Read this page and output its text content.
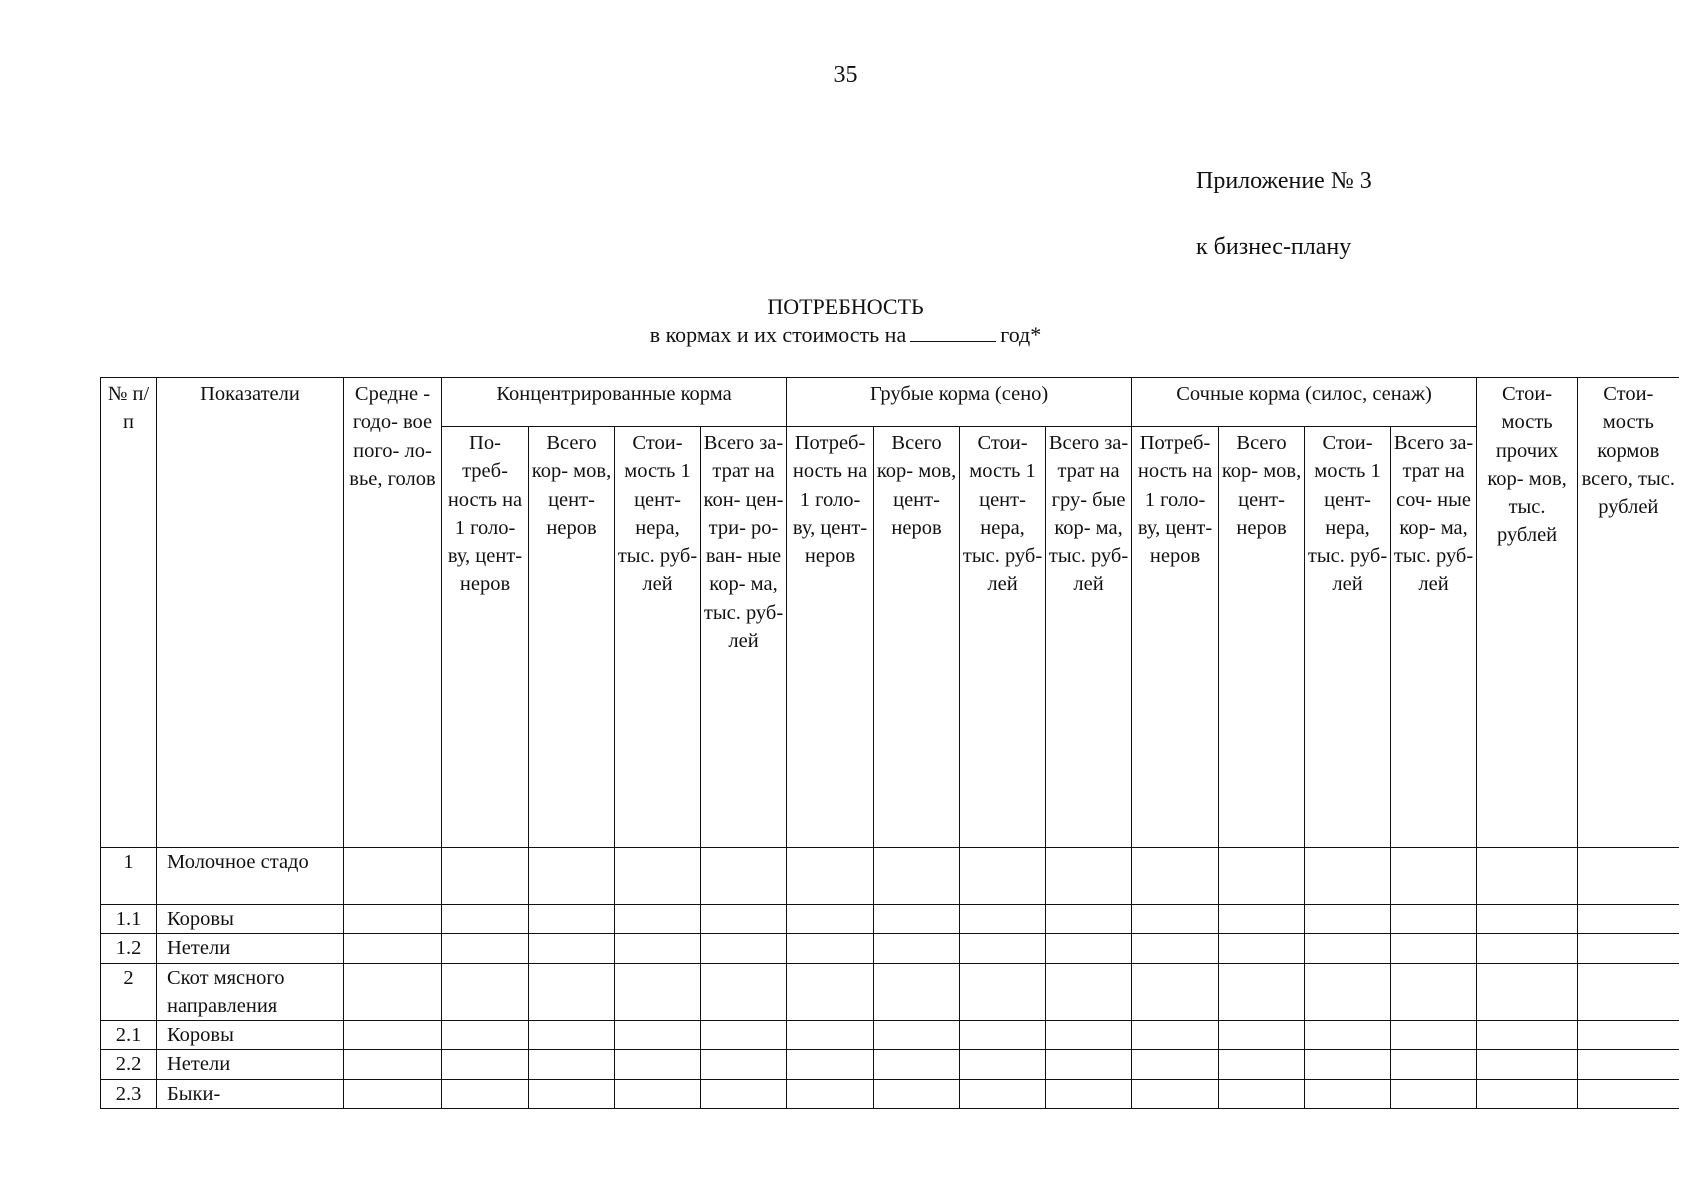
35
Приложение № 3
к бизнес-плану
ПОТРЕБНОСТЬ
в кормах и их стоимость на	год*
№ п/п	Показатели	Средне - годо- вое пого- ло- вье, голов	Концентрированные корма				Грубые корма (сено)				Сочные корма (силос, сенаж)				Стои- мость прочих кор- мов, тыс. рублей	Стои- мость кормов всего, тыс. рублей
			По- треб- ность на 1 голо- ву, цент- неров	Всего кор- мов, цент- неров	Стои- мость 1 цент- нера, тыс. руб- лей	Всего за- трат на кон- цен- три- ро- ван- ные кор- ма, тыс. руб- лей	Потреб- ность на 1 голо- ву, цент- неров	Всего кор- мов, цент- неров	Стои- мость 1 цент- нера, тыс. руб- лей	Всего за- трат на гру- бые кор- ма, тыс. руб- лей	Потреб- ность на 1 голо- ву, цент- неров	Всего кор- мов, цент- неров	Стои- мость 1 цент- нера, тыс. руб- лей	Всего за- трат на соч- ные кор- ма, тыс. руб- лей		
1	Молочное стадо															
1.1	Коровы															
1.2	Нетели															
2	Скот мясного направления															
2.1	Коровы															
2.2	Нетели															
2.3	Быки-															
